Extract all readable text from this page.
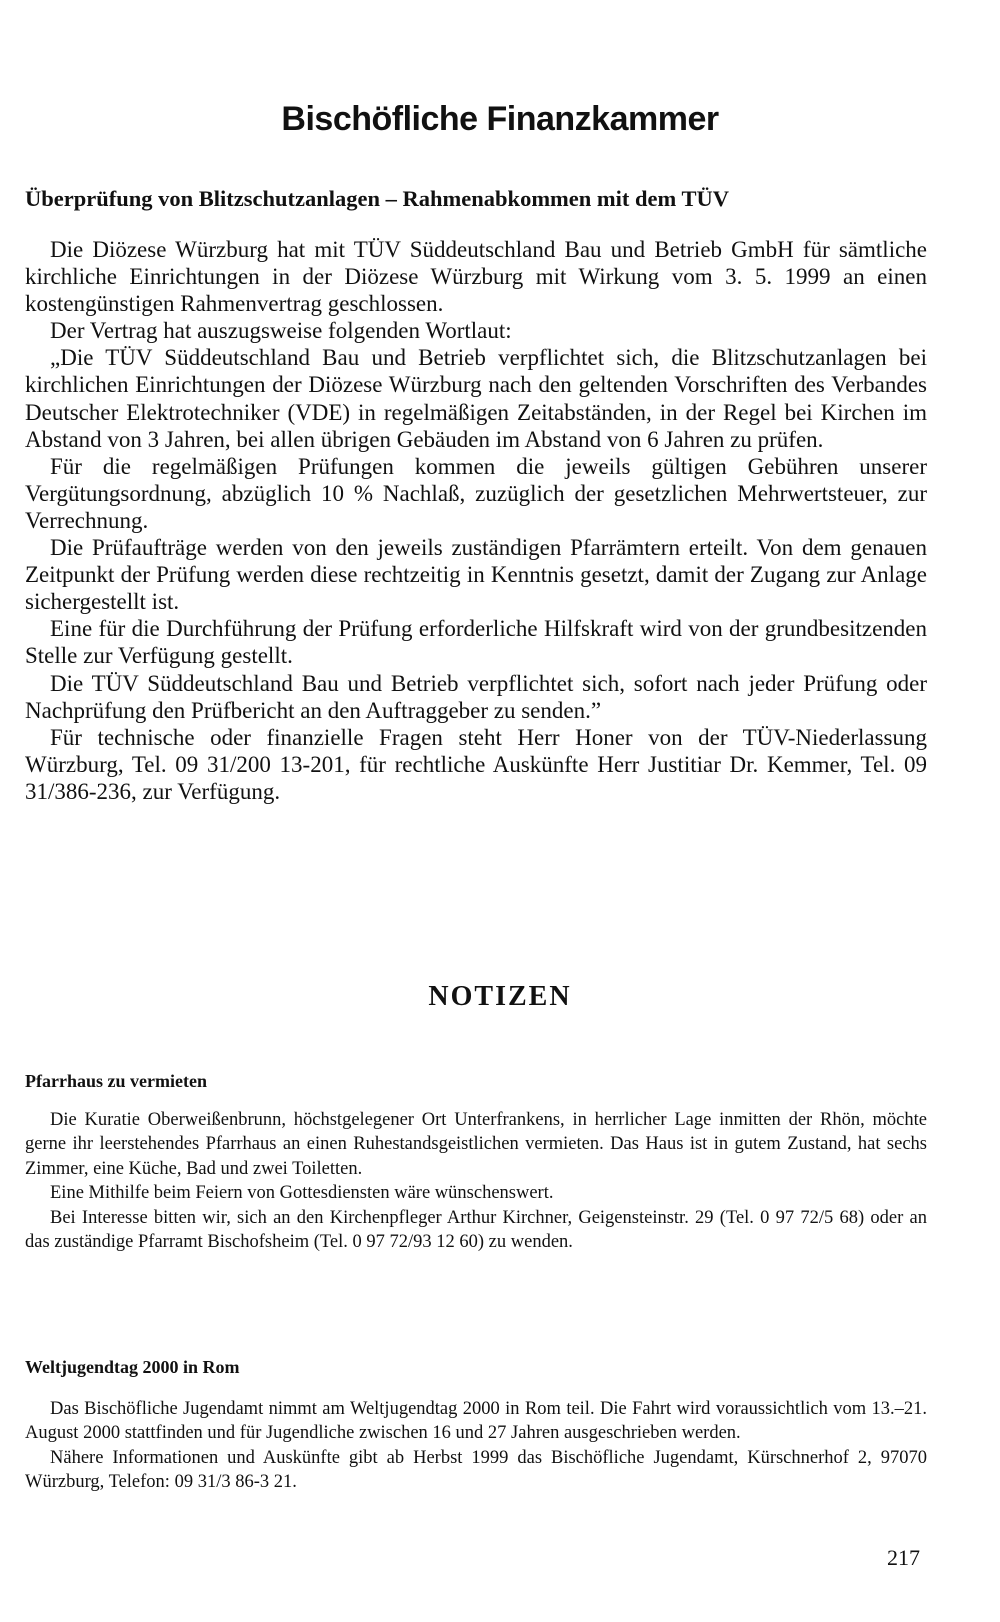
Bischöfliche Finanzkammer
Überprüfung von Blitzschutzanlagen – Rahmenabkommen mit dem TÜV

Die Diözese Würzburg hat mit TÜV Süddeutschland Bau und Betrieb GmbH für sämtliche kirchliche Einrichtungen in der Diözese Würzburg mit Wirkung vom 3. 5. 1999 an einen kostengünstigen Rahmenvertrag geschlossen.

Der Vertrag hat auszugsweise folgenden Wortlaut:

„Die TÜV Süddeutschland Bau und Betrieb verpflichtet sich, die Blitzschutzanlagen bei kirchlichen Einrichtungen der Diözese Würzburg nach den geltenden Vorschriften des Verbandes Deutscher Elektrotechniker (VDE) in regelmäßigen Zeitabständen, in der Regel bei Kirchen im Abstand von 3 Jahren, bei allen übrigen Gebäuden im Abstand von 6 Jahren zu prüfen.

Für die regelmäßigen Prüfungen kommen die jeweils gültigen Gebühren unserer Vergütungsordnung, abzüglich 10 % Nachlaß, zuzüglich der gesetzlichen Mehrwertsteuer, zur Verrechnung.

Die Prüfaufträge werden von den jeweils zuständigen Pfarrämtern erteilt. Von dem genauen Zeitpunkt der Prüfung werden diese rechtzeitig in Kenntnis gesetzt, damit der Zugang zur Anlage sichergestellt ist.

Eine für die Durchführung der Prüfung erforderliche Hilfskraft wird von der grundbesitzenden Stelle zur Verfügung gestellt.

Die TÜV Süddeutschland Bau und Betrieb verpflichtet sich, sofort nach jeder Prüfung oder Nachprüfung den Prüfbericht an den Auftraggeber zu senden.”

Für technische oder finanzielle Fragen steht Herr Honer von der TÜV-Niederlassung Würzburg, Tel. 09 31/200 13-201, für rechtliche Auskünfte Herr Justitiar Dr. Kemmer, Tel. 09 31/386-236, zur Verfügung.

NOTIZEN
Pfarrhaus zu vermieten

Die Kuratie Oberweißenbrunn, höchstgelegener Ort Unterfrankens, in herrlicher Lage inmitten der Rhön, möchte gerne ihr leerstehendes Pfarrhaus an einen Ruhestandsgeistlichen vermieten. Das Haus ist in gutem Zustand, hat sechs Zimmer, eine Küche, Bad und zwei Toiletten.

Eine Mithilfe beim Feiern von Gottesdiensten wäre wünschenswert.

Bei Interesse bitten wir, sich an den Kirchenpfleger Arthur Kirchner, Geigensteinstr. 29 (Tel. 0 97 72/5 68) oder an das zuständige Pfarramt Bischofsheim (Tel. 0 97 72/93 12 60) zu wenden.

Weltjugendtag 2000 in Rom

Das Bischöfliche Jugendamt nimmt am Weltjugendtag 2000 in Rom teil. Die Fahrt wird voraussichtlich vom 13.–21. August 2000 stattfinden und für Jugendliche zwischen 16 und 27 Jahren ausgeschrieben werden.

Nähere Informationen und Auskünfte gibt ab Herbst 1999 das Bischöfliche Jugendamt, Kürschnerhof 2, 97070 Würzburg, Telefon: 09 31/3 86-3 21.

217
